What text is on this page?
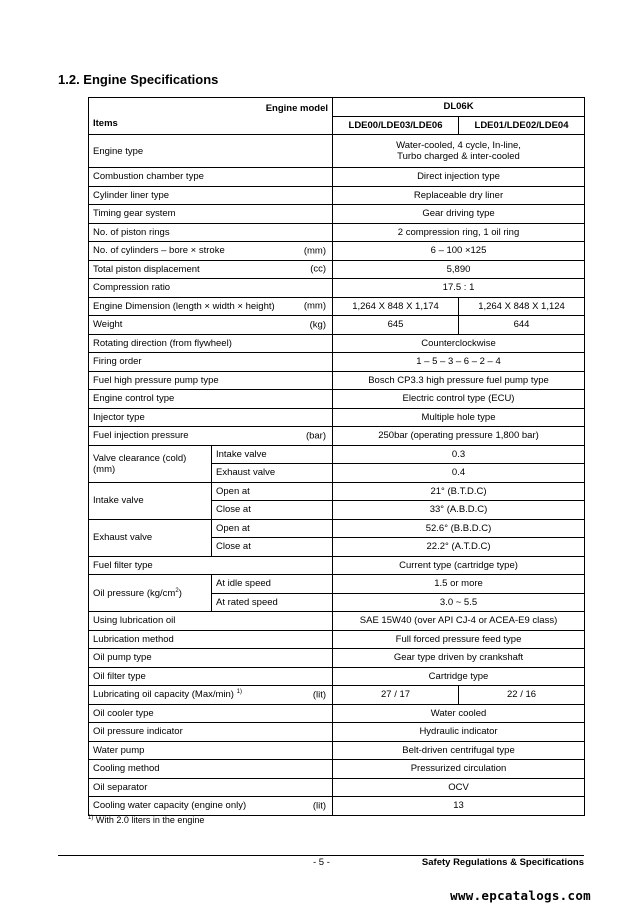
1.2. Engine Specifications
Engine model
Items		DL06K	
		LDE00/LDE03/LDE06	LDE01/LDE02/LDE04
Engine type		Water-cooled, 4 cycle, In-line,
Turbo charged & inter-cooled	
Combustion chamber type		Direct injection type	
Cylinder liner type		Replaceable dry liner	
Timing gear system		Gear driving type	
No. of piston rings		2 compression ring, 1 oil ring	
No. of cylinders – bore × stroke (mm)		6 – 100 ×125	
Total piston displacement (cc)		5,890	
Compression ratio		17.5 : 1	
Engine Dimension (length × width × height) (mm)		1,264 X 848 X 1,174	1,264 X 848 X 1,124
Weight (kg)		645	644
Rotating direction (from flywheel)		Counterclockwise	
Firing order		1 – 5 – 3 – 6 – 2 – 4	
Fuel high pressure pump type		Bosch CP3.3 high pressure fuel pump type	
Engine control type		Electric control type (ECU)	
Injector type		Multiple hole type	
Fuel injection pressure (bar)		250bar (operating pressure 1,800 bar)	
Valve clearance (cold)
(mm)	Intake valve	0.3	
	Exhaust valve	0.4	
Intake valve	Open at	21° (B.T.D.C)	
	Close at	33° (A.B.D.C)	
Exhaust valve	Open at	52.6° (B.B.D.C)	
	Close at	22.2° (A.T.D.C)	
Fuel filter type		Current type (cartridge type)	
Oil pressure $(kg/cm^2)$	At idle speed	1.5 or more	
	At rated speed	3.0 ~ 5.5	
Using lubrication oil		SAE 15W40 (over API CJ-4 or ACEA-E9 class)	
Lubrication method		Full forced pressure feed type	
Oil pump type		Gear type driven by crankshaft	
Oil filter type		Cartridge type	
Lubricating oil capacity (Max/min) $^{1)}$ (lit)		27 / 17	22 / 16
Oil cooler type		Water cooled	
Oil pressure indicator		Hydraulic indicator	
Water pump		Belt-driven centrifugal type	
Cooling method		Pressurized circulation	
Oil separator		OCV	
Cooling water capacity (engine only) (lit)		13	
$^{1)}$ With 2.0 liters in the engine
- 5 -	Safety Regulations & Specifications
www.epcatalogs.com
